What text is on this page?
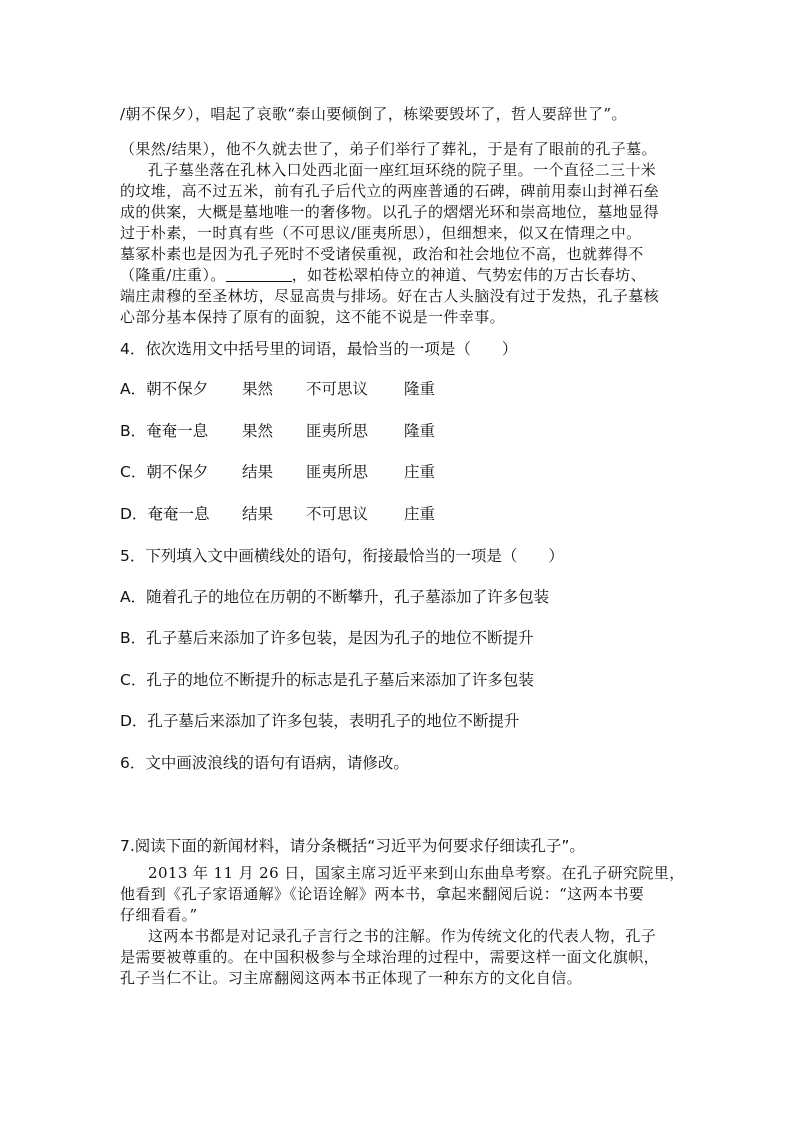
/朝不保夕），唱起了哀歌“泰山要倾倒了，栋梁要毁坏了，哲人要辞世了”。
（果然/结果），他不久就去世了，弟子们举行了葬礼，于是有了眼前的孔子墓。
孔子墓坐落在孔林入口处西北面一座红垣环绕的院子里。一个直径二三十米
的坟堆，高不过五米，前有孔子后代立的两座普通的石碑，碑前用泰山封禅石垒
成的供案，大概是墓地唯一的奢侈物。以孔子的熠熠光环和崇高地位，墓地显得
过于朴素，一时真有些（不可思议/匪夷所思），但细想来，似又在情理之中。
墓冢朴素也是因为孔子死时不受诸侯重视，政治和社会地位不高，也就葬得不
（隆重/庄重）。	，如苍松翠柏侍立的神道、气势宏伟的万古长春坊、
端庄肃穆的至圣林坊，尽显高贵与排场。好在古人头脑没有过于发热，孔子墓核
心部分基本保持了原有的面貌，这不能不说是一件幸事。
4．依次选用文中括号里的词语，最恰当的一项是（　　）
A．朝不保夕 果然 不可思议 隆重
B．奄奄一息 果然 匪夷所思 隆重
C．朝不保夕 结果 匪夷所思 庄重
D．奄奄一息 结果 不可思议 庄重
5．下列填入文中画横线处的语句，衔接最恰当的一项是（　　）
A．随着孔子的地位在历朝的不断攀升，孔子墓添加了许多包装
B．孔子墓后来添加了许多包装，是因为孔子的地位不断提升
C．孔子的地位不断提升的标志是孔子墓后来添加了许多包装
D．孔子墓后来添加了许多包装，表明孔子的地位不断提升
6．文中画波浪线的语句有语病，请修改。
7.阅读下面的新闻材料，请分条概括“习近平为何要求仔细读孔子”。
2013 年 11 月 26 日，国家主席习近平来到山东曲阜考察。在孔子研究院里，
他看到《孔子家语通解》《论语诠解》两本书，拿起来翻阅后说：“这两本书要
仔细看看。”
这两本书都是对记录孔子言行之书的注解。作为传统文化的代表人物，孔子
是需要被尊重的。在中国积极参与全球治理的过程中，需要这样一面文化旗帜，
孔子当仁不让。习主席翻阅这两本书正体现了一种东方的文化自信。
